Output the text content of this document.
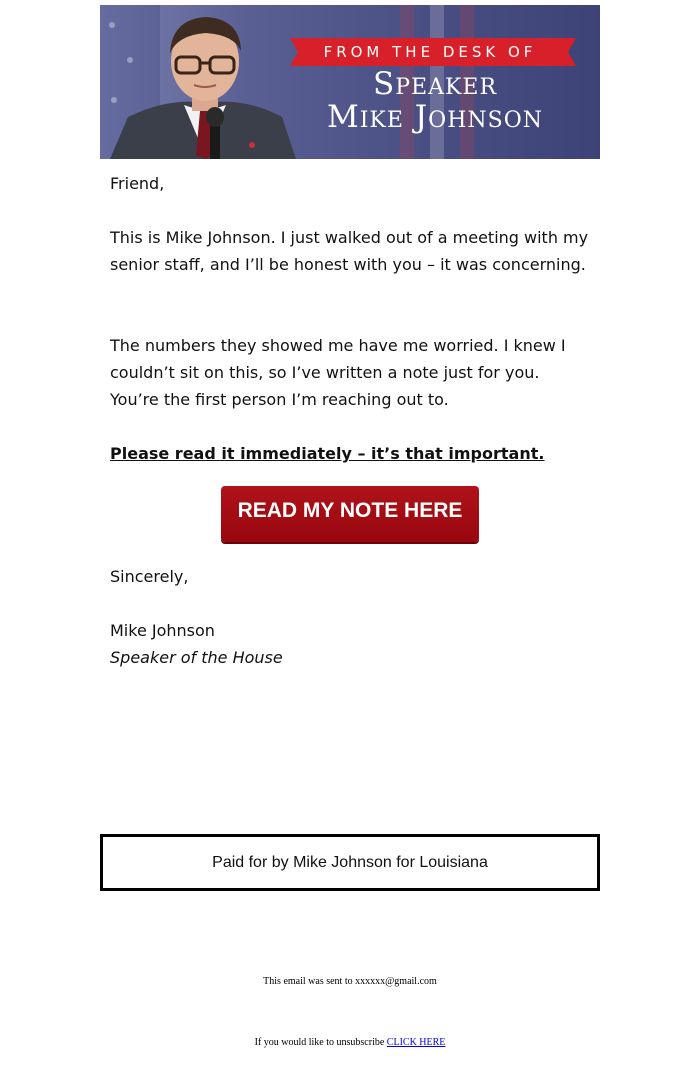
FROM THE DESK OF
Speaker
Mike Johnson

Friend,

This is Mike Johnson. I just walked out of a meeting with my senior staff, and I’ll be honest with you – it was concerning.

The numbers they showed me have me worried. I knew I couldn’t sit on this, so I’ve written a note just for you. You’re the first person I’m reaching out to.

Please read it immediately – it’s that important.

READ MY NOTE HERE

Sincerely,

Mike Johnson

Speaker of the House

Paid for by Mike Johnson for Louisiana
This email was sent to xxxxxx@gmail.com
If you would like to unsubscribe CLICK HERE
